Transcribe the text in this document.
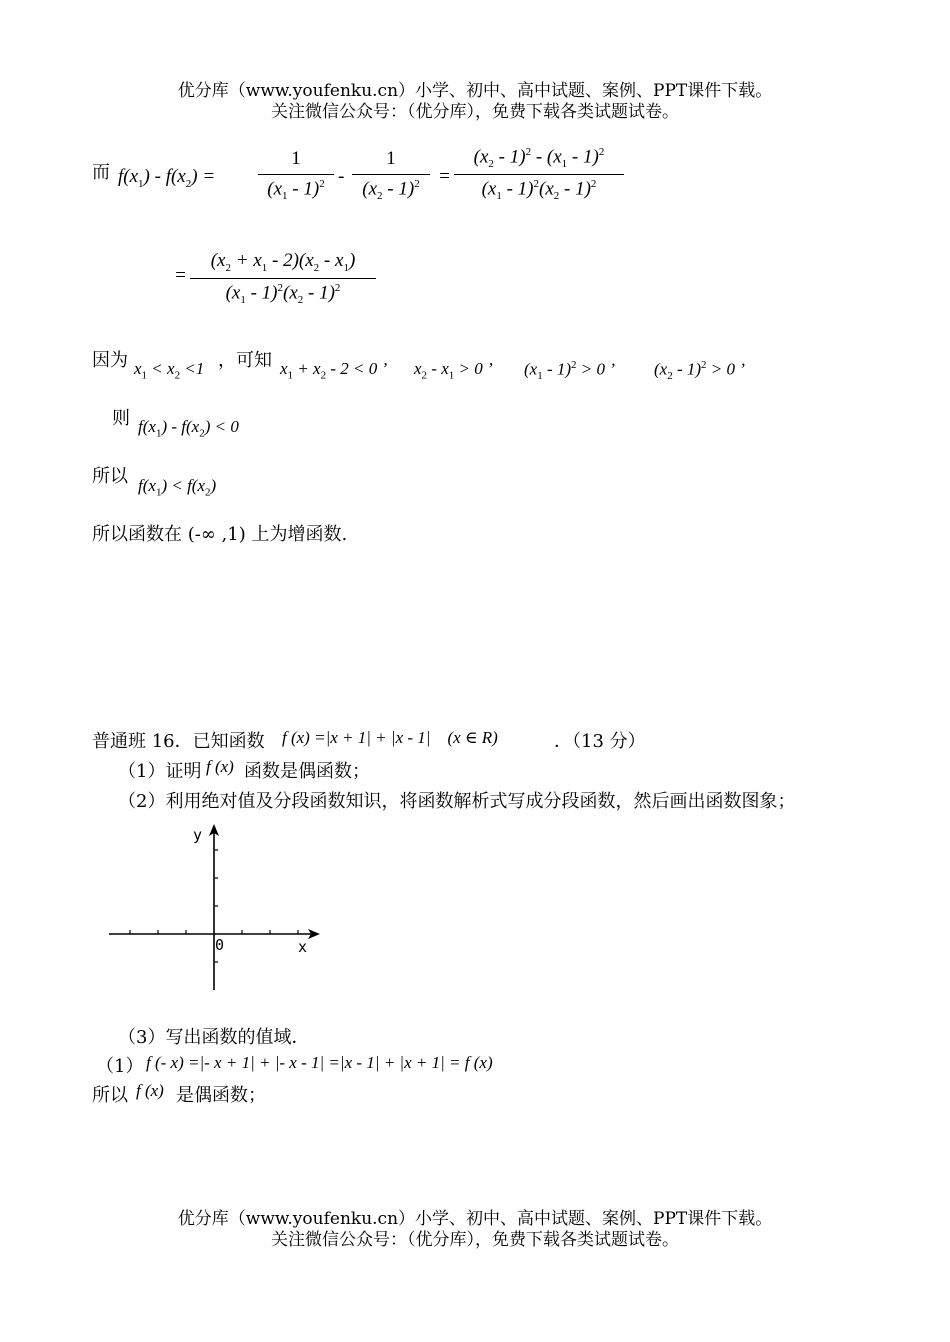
优分库（www.youfenku.cn）小学、初中、高中试题、案例、PPT课件下载。
关注微信公众号：（优分库），免费下载各类试题试卷。
而 $f(x_1) - f(x_2) = \frac{1}{(x_1 - 1)^2} - \frac{1}{(x_2 - 1)^2} = \frac{(x_2 - 1)^2 - (x_1 - 1)^2}{(x_1 - 1)^2(x_2 - 1)^2}$
= $\frac{(x_2 + x_1 - 2)(x_2 - x_1)}{(x_1 - 1)^2(x_2 - 1)^2}$
因为 $x_1 < x_2 <1$ ，可知 $x_1 + x_2 - 2 < 0$ ’ $x_2 - x_1 > 0$ ’ $(x_1 - 1)^2 > 0$ ’ $(x_2 - 1)^2 > 0$ ’
则 $f(x_1) - f(x_2) < 0$
所以 $f(x_1) < f(x_2)$
所以函数在 (-∞ ,1) 上为增函数.
普通班 16．已知函数 f (x) =|x + 1| + |x - 1|    (x ∈ R)	．（13 分）
（1）证明 f (x) 函数是偶函数；
（2）利用绝对值及分段函数知识，将函数解析式写成分段函数，然后画出函数图象；
y
x
0
（3）写出函数的值域．
（1） f (- x) =|- x + 1| + |- x - 1| =|x - 1| + |x + 1| = f (x)
所以 f (x) 是偶函数；
优分库（www.youfenku.cn）小学、初中、高中试题、案例、PPT课件下载。
关注微信公众号：（优分库），免费下载各类试题试卷。
